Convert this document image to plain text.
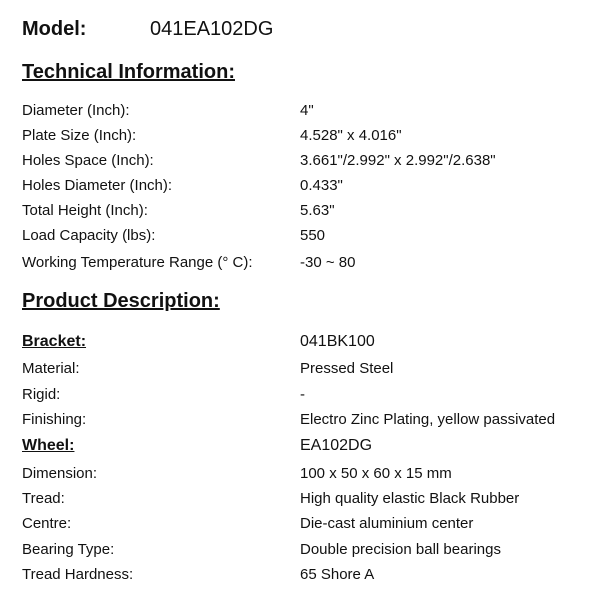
Model:	041EA102DG
Technical Information:
Diameter (Inch):	4"
Plate Size (Inch):	4.528" x 4.016"
Holes Space (Inch):	3.661"/2.992" x 2.992"/2.638"
Holes Diameter (Inch):	0.433"
Total Height (Inch):	5.63"
Load Capacity (lbs):	550
Working Temperature Range (° C):	-30 ~ 80
Product Description:
Bracket:	041BK100
Material:	Pressed Steel
Rigid:	-
Finishing:	Electro Zinc Plating, yellow passivated
Wheel:	EA102DG
Dimension:	100 x 50 x 60 x 15 mm
Tread:	High quality elastic Black Rubber
Centre:	Die-cast aluminium center
Bearing Type:	Double precision ball bearings
Tread Hardness:	65 Shore A
